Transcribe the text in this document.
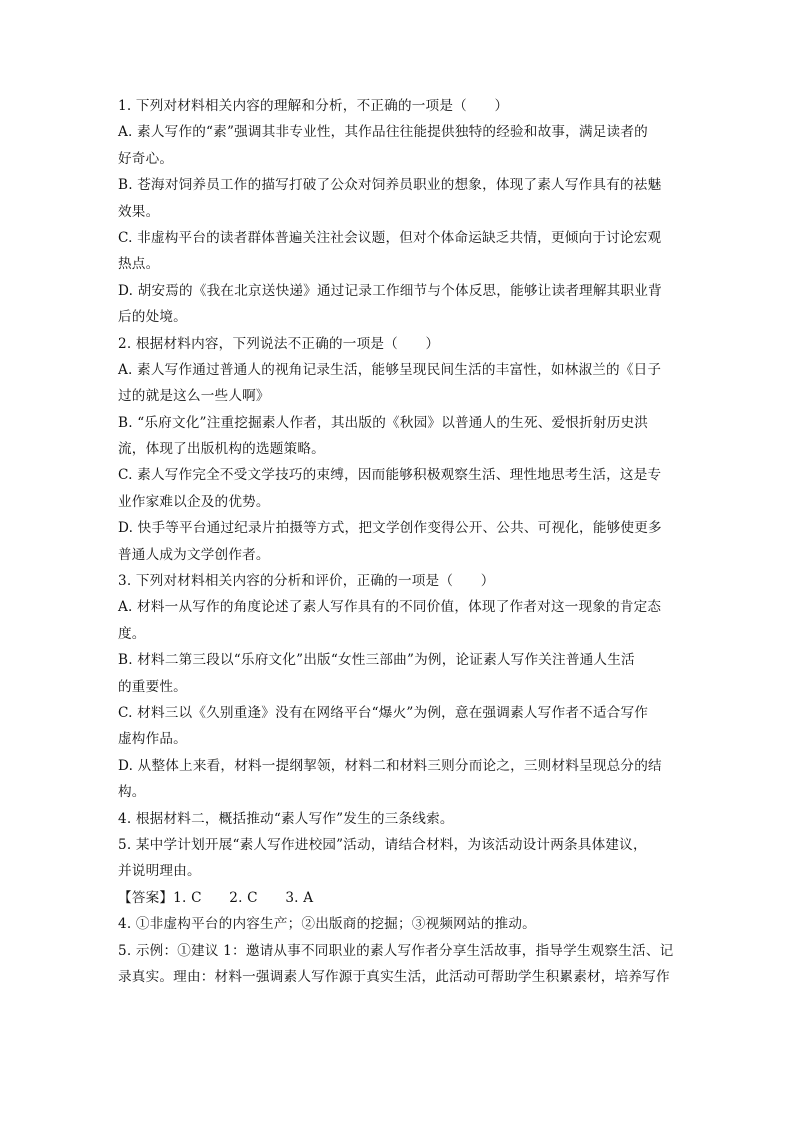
1. 下列对材料相关内容的理解和分析，不正确的一项是（　　）
A. 素人写作的“素”强调其非专业性，其作品往往能提供独特的经验和故事，满足读者的
好奇心。
B. 苍海对饲养员工作的描写打破了公众对饲养员职业的想象，体现了素人写作具有的祛魅
效果。
C. 非虚构平台的读者群体普遍关注社会议题，但对个体命运缺乏共情，更倾向于讨论宏观
热点。
D. 胡安焉的《我在北京送快递》通过记录工作细节与个体反思，能够让读者理解其职业背
后的处境。
2. 根据材料内容，下列说法不正确的一项是（　　）
A. 素人写作通过普通人的视角记录生活，能够呈现民间生活的丰富性，如林淑兰的《日子
过的就是这么一些人啊》
B. “乐府文化”注重挖掘素人作者，其出版的《秋园》以普通人的生死、爱恨折射历史洪
流，体现了出版机构的选题策略。
C. 素人写作完全不受文学技巧的束缚，因而能够积极观察生活、理性地思考生活，这是专
业作家难以企及的优势。
D. 快手等平台通过纪录片拍摄等方式，把文学创作变得公开、公共、可视化，能够使更多
普通人成为文学创作者。
3. 下列对材料相关内容的分析和评价，正确的一项是（　　）
A. 材料一从写作的角度论述了素人写作具有的不同价值，体现了作者对这一现象的肯定态
度。
B. 材料二第三段以“乐府文化”出版“女性三部曲”为例，论证素人写作关注普通人生活
的重要性。
C. 材料三以《久别重逢》没有在网络平台“爆火”为例，意在强调素人写作者不适合写作
虚构作品。
D. 从整体上来看，材料一提纲挈领，材料二和材料三则分而论之，三则材料呈现总分的结
构。
4. 根据材料二，概括推动“素人写作”发生的三条线索。
5. 某中学计划开展“素人写作进校园”活动，请结合材料，为该活动设计两条具体建议，
并说明理由。
【答案】1. C　　2. C　　3. A
4. ①非虚构平台的内容生产；②出版商的挖掘；③视频网站的推动。
5. 示例：①建议 1：邀请从事不同职业的素人写作者分享生活故事，指导学生观察生活、记
录真实。理由：材料一强调素人写作源于真实生活，此活动可帮助学生积累素材，培养写作
